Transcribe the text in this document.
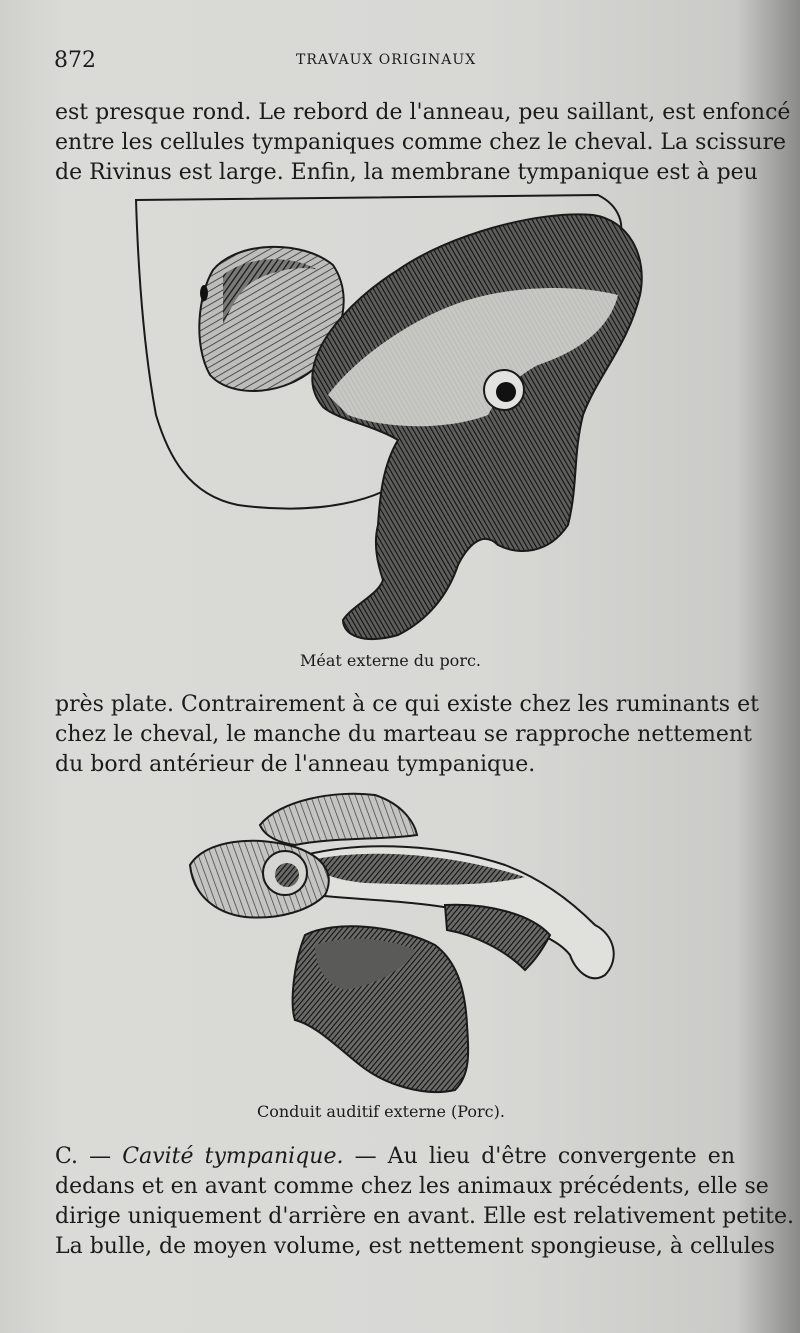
872	TRAVAUX ORIGINAUX
est presque rond. Le rebord de l'anneau, peu saillant, est enfoncé
entre les cellules tympaniques comme chez le cheval. La scissure
de Rivinus est large. Enfin, la membrane tympanique est à peu
Méat externe du porc.
près plate. Contrairement à ce qui existe chez les ruminants et
chez le cheval, le manche du marteau se rapproche nettement
du bord antérieur de l'anneau tympanique.
Conduit auditif externe (Porc).
C. — Cavité tympanique. — Au lieu d'être convergente en
dedans et en avant comme chez les animaux précédents, elle se
dirige uniquement d'arrière en avant. Elle est relativement petite.
La bulle, de moyen volume, est nettement spongieuse, à cellules
